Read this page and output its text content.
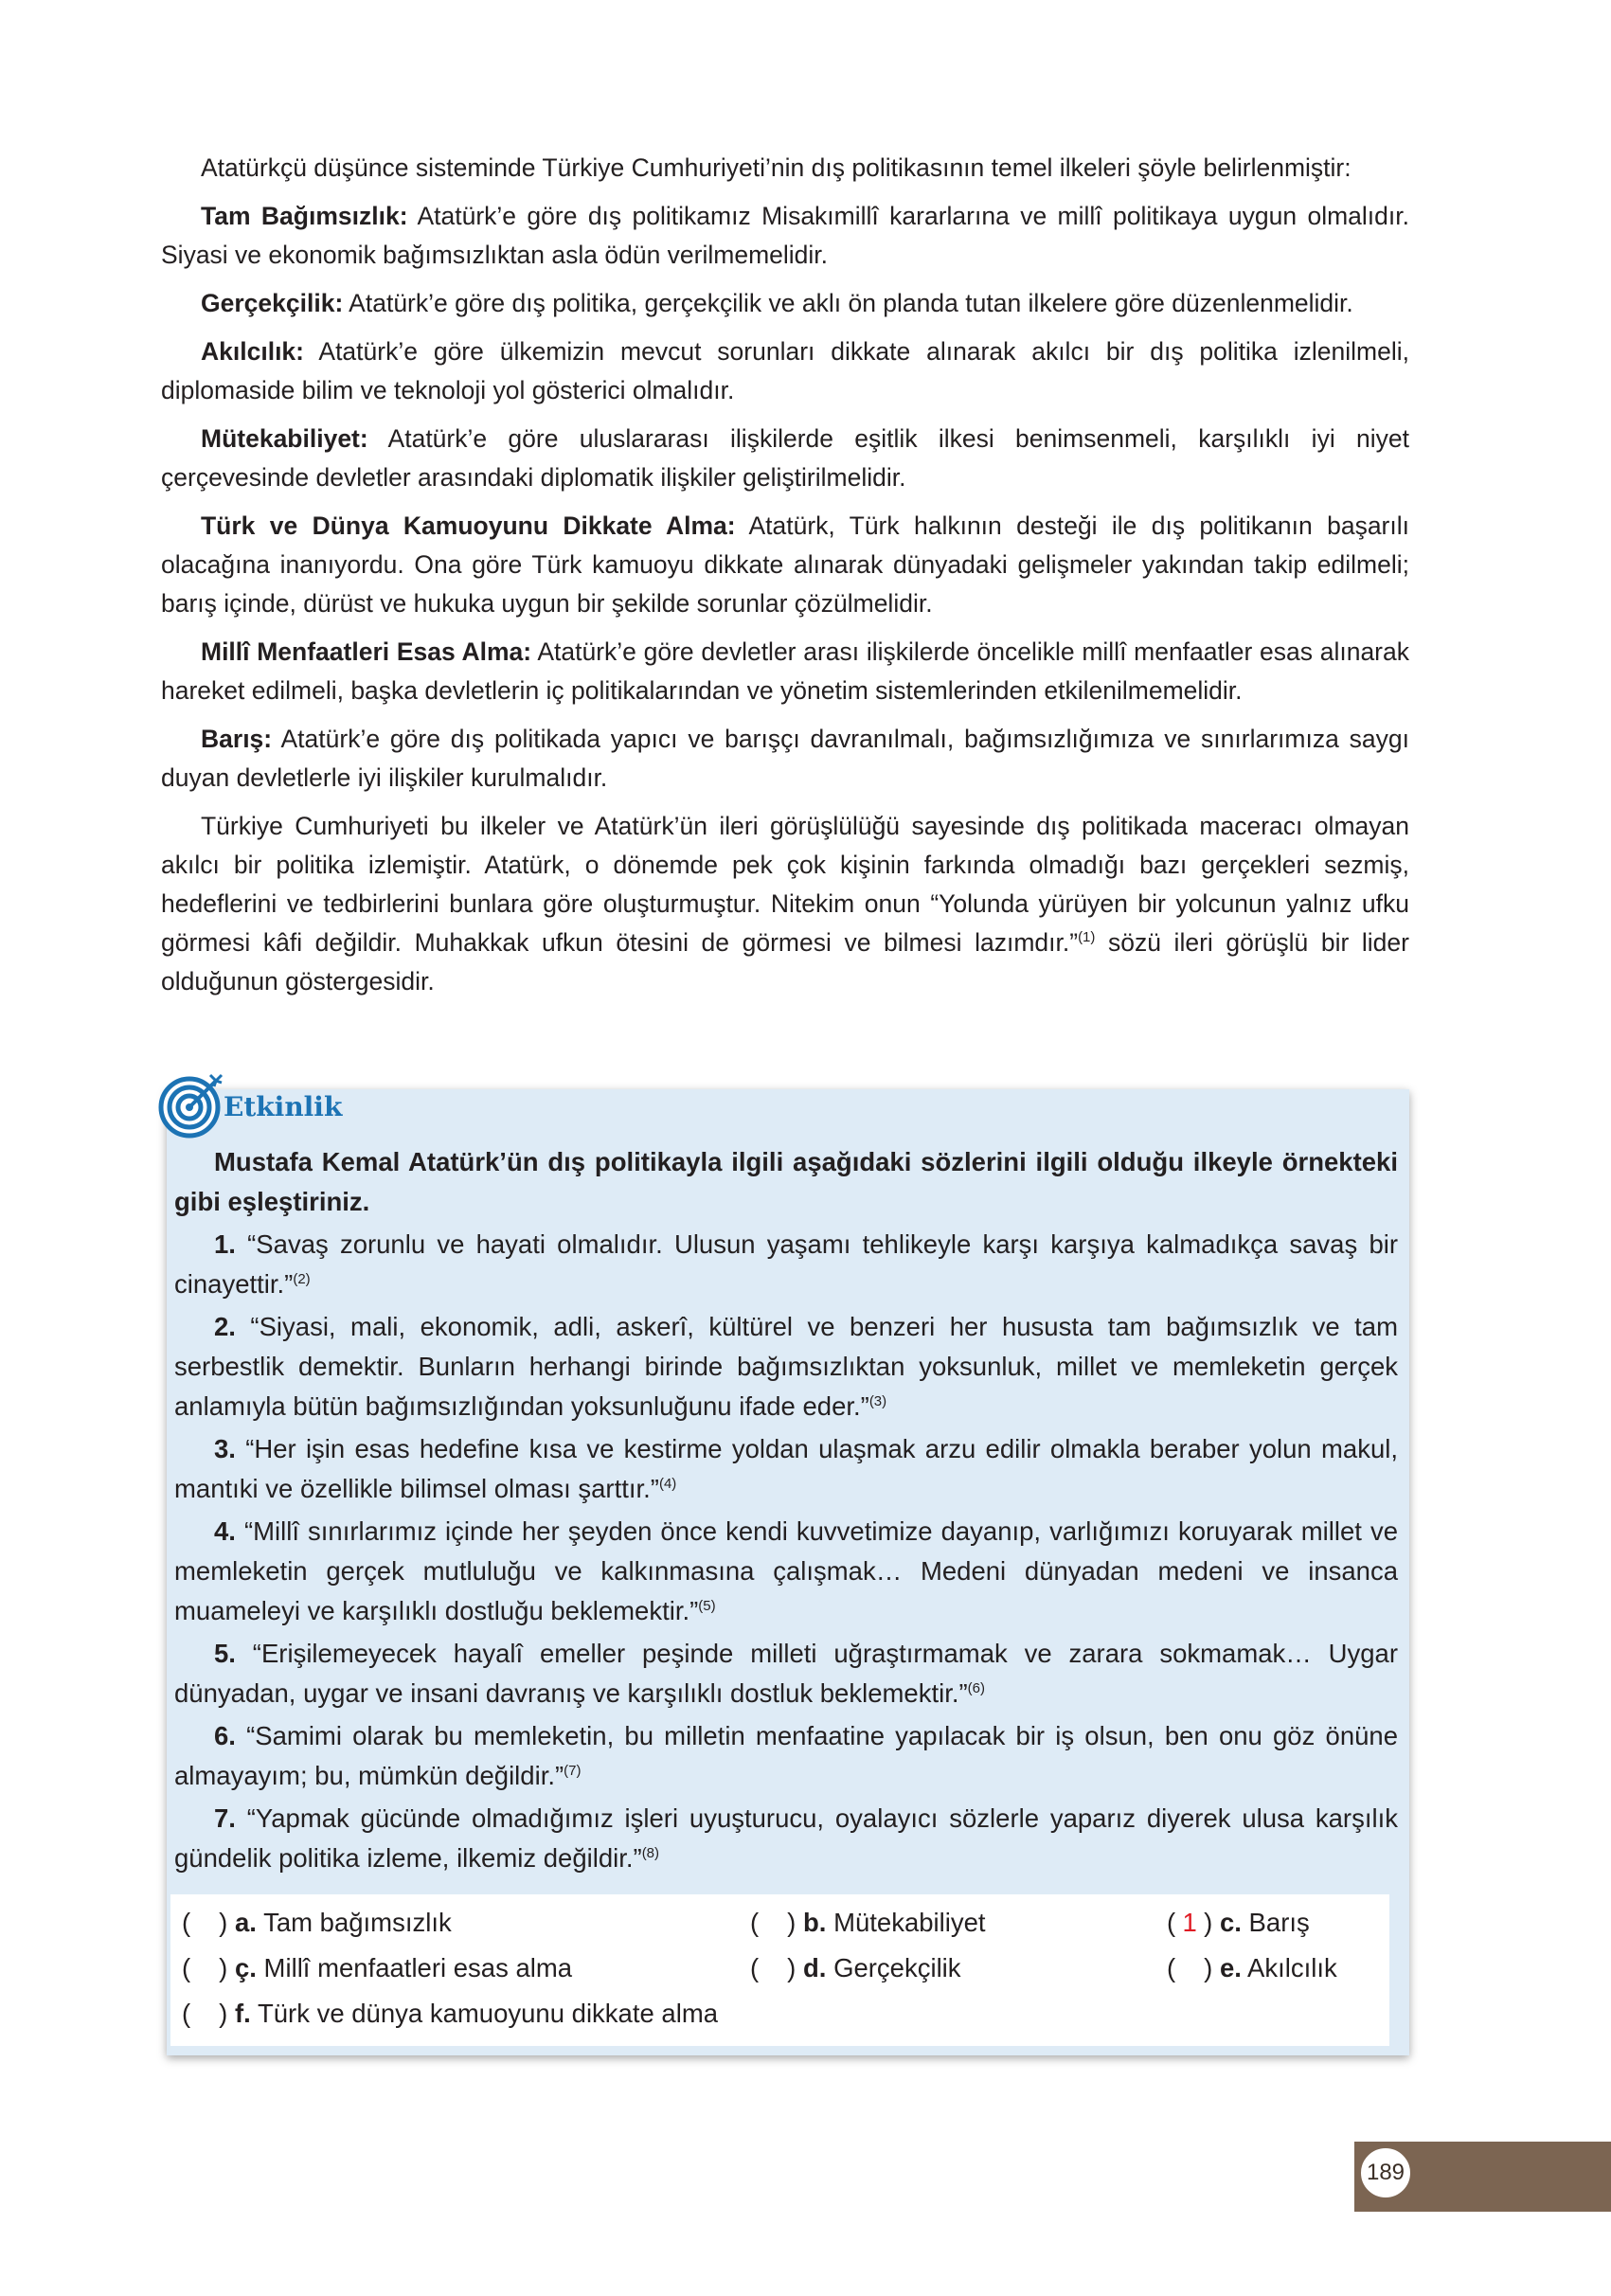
Atatürkçü düşünce sisteminde Türkiye Cumhuriyeti’nin dış politikasının temel ilkeleri şöyle belirlenmiştir:

Tam Bağımsızlık: Atatürk’e göre dış politikamız Misakımillî kararlarına ve millî politikaya uygun olmalıdır. Siyasi ve ekonomik bağımsızlıktan asla ödün verilmemelidir.

Gerçekçilik: Atatürk’e göre dış politika, gerçekçilik ve aklı ön planda tutan ilkelere göre düzenlenmelidir.

Akılcılık: Atatürk’e göre ülkemizin mevcut sorunları dikkate alınarak akılcı bir dış politika izlenilmeli, diplomaside bilim ve teknoloji yol gösterici olmalıdır.

Mütekabiliyet: Atatürk’e göre uluslararası ilişkilerde eşitlik ilkesi benimsenmeli, karşılıklı iyi niyet çerçevesinde devletler arasındaki diplomatik ilişkiler geliştirilmelidir.

Türk ve Dünya Kamuoyunu Dikkate Alma: Atatürk, Türk halkının desteği ile dış politikanın başarılı olacağına inanıyordu. Ona göre Türk kamuoyu dikkate alınarak dünyadaki gelişmeler yakından takip edilmeli; barış içinde, dürüst ve hukuka uygun bir şekilde sorunlar çözülmelidir.

Millî Menfaatleri Esas Alma: Atatürk’e göre devletler arası ilişkilerde öncelikle millî menfaatler esas alınarak hareket edilmeli, başka devletlerin iç politikalarından ve yönetim sistemlerinden etkilenilmemelidir.

Barış: Atatürk’e göre dış politikada yapıcı ve barışçı davranılmalı, bağımsızlığımıza ve sınırlarımıza saygı duyan devletlerle iyi ilişkiler kurulmalıdır.

Türkiye Cumhuriyeti bu ilkeler ve Atatürk’ün ileri görüşlülüğü sayesinde dış politikada maceracı olmayan akılcı bir politika izlemiştir. Atatürk, o dönemde pek çok kişinin farkında olmadığı bazı gerçekleri sezmiş, hedeflerini ve tedbirlerini bunlara göre oluşturmuştur. Nitekim onun “Yolunda yürüyen bir yolcunun yalnız ufku görmesi kâfi değildir. Muhakkak ufkun ötesini de görmesi ve bilmesi lazımdır.”$^{(1)}$ sözü ileri görüşlü bir lider olduğunun göstergesidir.

Etkinlik

Mustafa Kemal Atatürk’ün dış politikayla ilgili aşağıdaki sözlerini ilgili olduğu ilkeyle örnekteki gibi eşleştiriniz.

1. “Savaş zorunlu ve hayati olmalıdır. Ulusun yaşamı tehlikeyle karşı karşıya kalmadıkça savaş bir cinayettir.”$^{(2)}$

2. “Siyasi, mali, ekonomik, adli, askerî, kültürel ve benzeri her hususta tam bağımsızlık ve tam serbestlik demektir. Bunların herhangi birinde bağımsızlıktan yoksunluk, millet ve memleketin gerçek anlamıyla bütün bağımsızlığından yoksunluğunu ifade eder.”$^{(3)}$

3. “Her işin esas hedefine kısa ve kestirme yoldan ulaşmak arzu edilir olmakla beraber yolun makul, mantıki ve özellikle bilimsel olması şarttır.”$^{(4)}$

4. “Millî sınırlarımız içinde her şeyden önce kendi kuvvetimize dayanıp, varlığımızı koruyarak millet ve memleketin gerçek mutluluğu ve kalkınmasına çalışmak… Medeni dünyadan medeni ve insanca muameleyi ve karşılıklı dostluğu beklemektir.”$^{(5)}$

5. “Erişilemeyecek hayalî emeller peşinde milleti uğraştırmamak ve zarara sokmamak… Uygar dünyadan, uygar ve insani davranış ve karşılıklı dostluk beklemektir.”$^{(6)}$

6. “Samimi olarak bu memleketin, bu milletin menfaatine yapılacak bir iş olsun, ben onu göz önüne almayayım; bu, mümkün değildir.”$^{(7)}$

7. “Yapmak gücünde olmadığımız işleri uyuşturucu, oyalayıcı sözlerle yaparız diyerek ulusa karşılık gündelik politika izleme, ilkemiz değildir.”$^{(8)}$

( ) a. Tam bağımsızlık	( ) b. Mütekabiliyet	( 1 ) c. Barış
( ) ç. Millî menfaatleri esas alma	( ) d. Gerçekçilik	( ) e. Akılcılık
( ) f. Türk ve dünya kamuoyunu dikkate alma
189
